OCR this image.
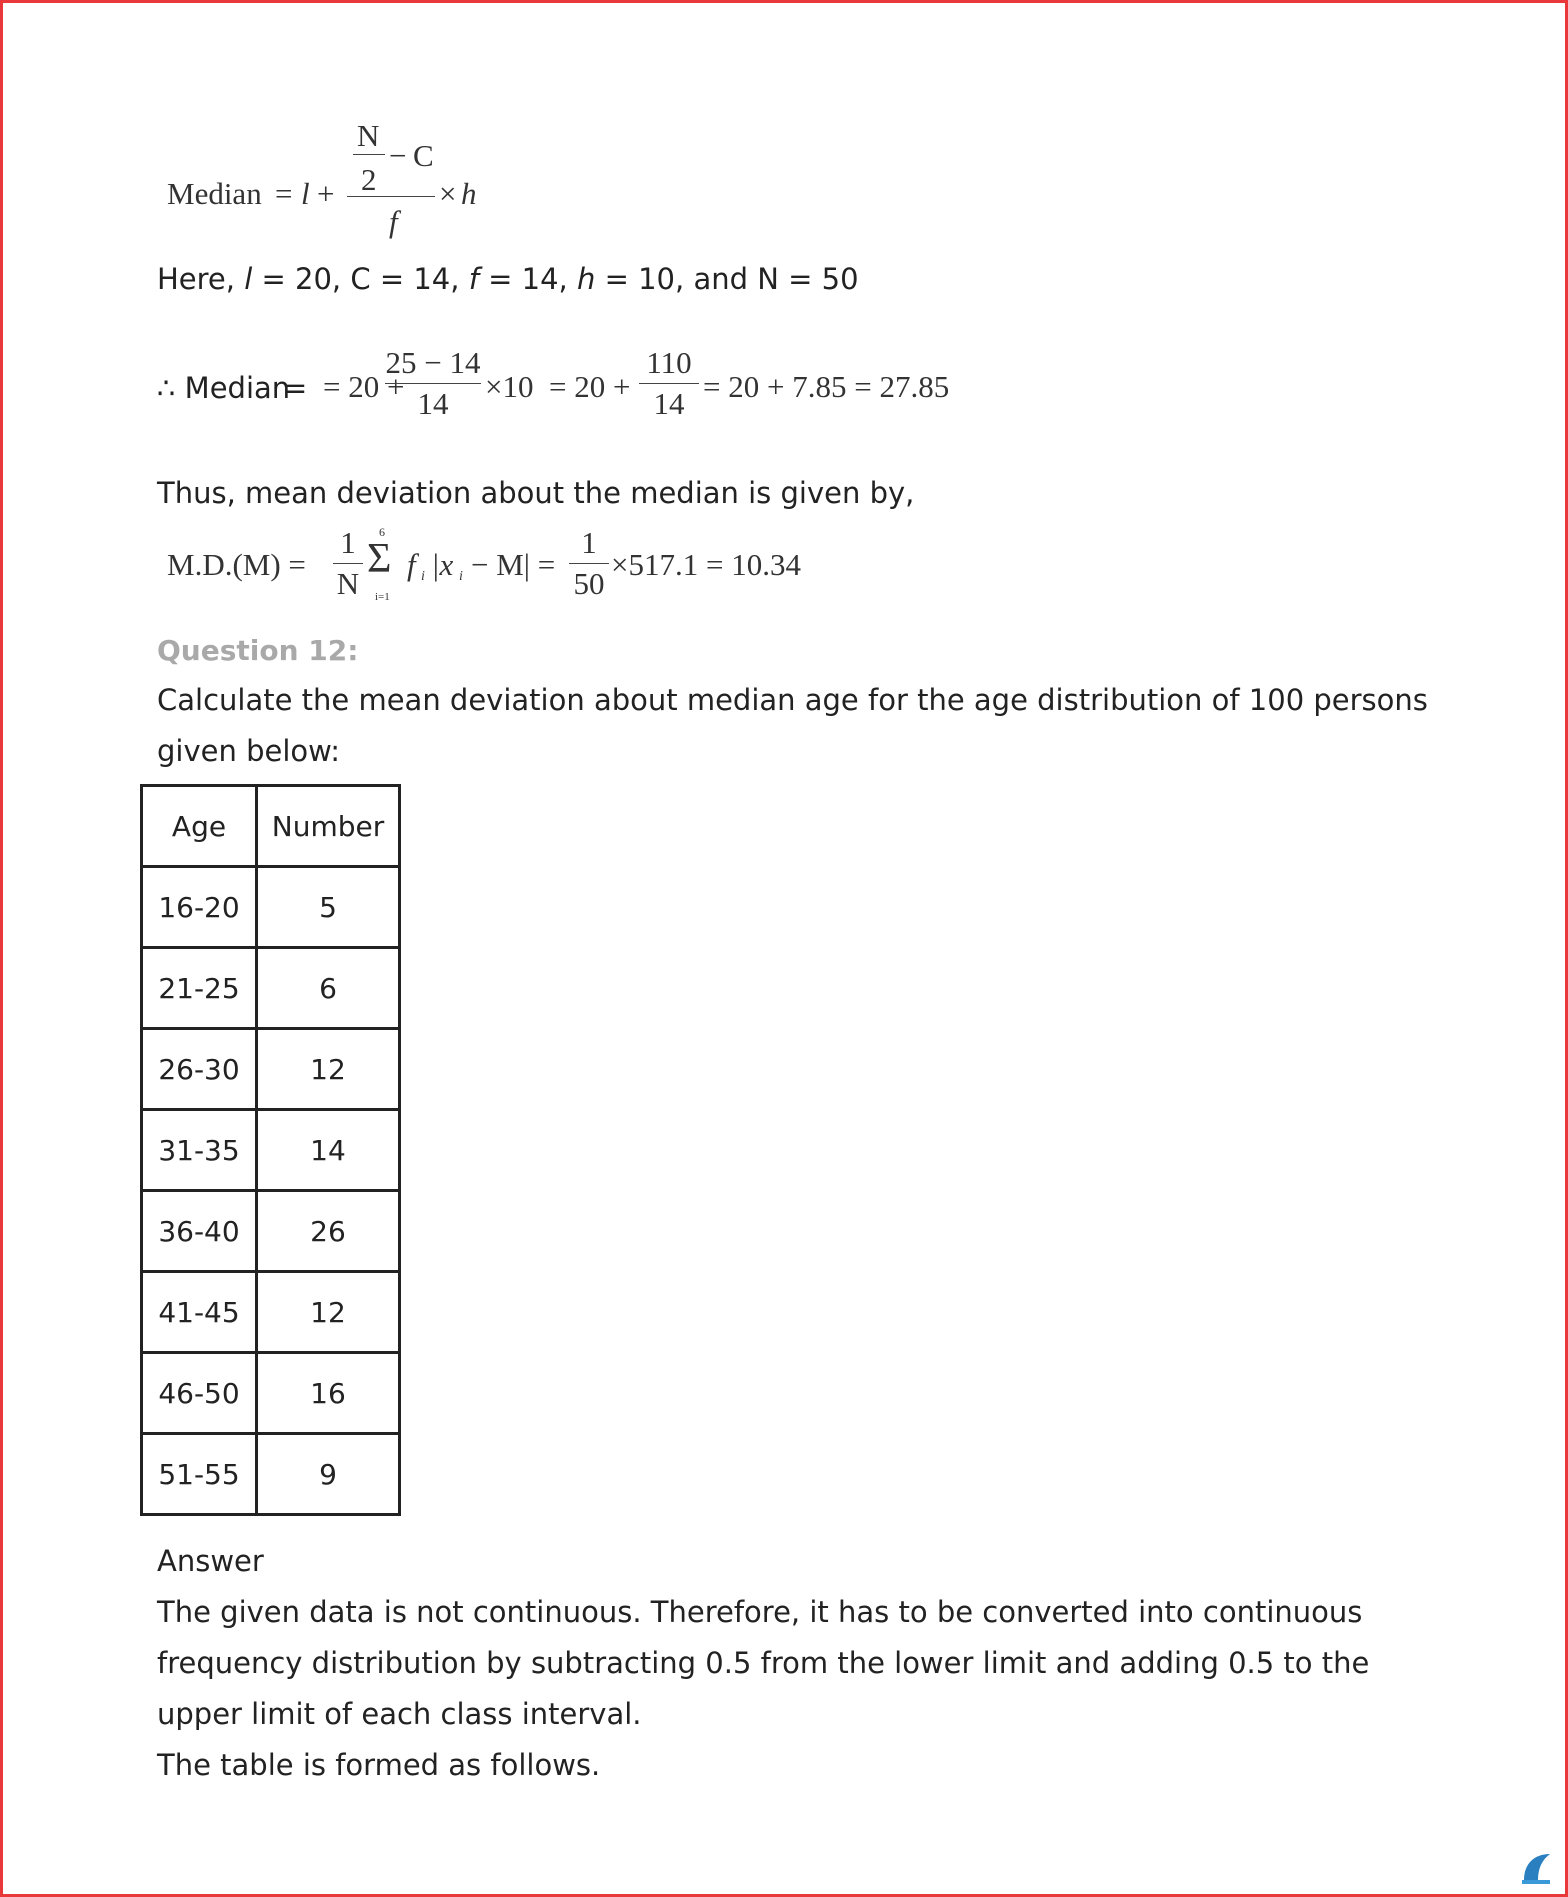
Median = l +
N
− C
2
f
× h
Here, l = 20, C = 14, f = 14, h = 10, and N = 50
∴ Median
= = 20 +
25 − 14
14	×10 = 20 +
110
14 = 20 + 7.85 = 27.85
Thus, mean deviation about the median is given by,
M.D.(M) =
1
N
6
Σ
i=1
f i |x i − M| =
1
50
×517.1 = 10.34
Question 12:
Calculate the mean deviation about median age for the age distribution of 100 persons
given below:
Age	Number
16-20	5
21-25	6
26-30	12
31-35	14
36-40	26
41-45	12
46-50	16
51-55	9
Answer
The given data is not continuous. Therefore, it has to be converted into continuous
frequency distribution by subtracting 0.5 from the lower limit and adding 0.5 to the
upper limit of each class interval.
The table is formed as follows.
